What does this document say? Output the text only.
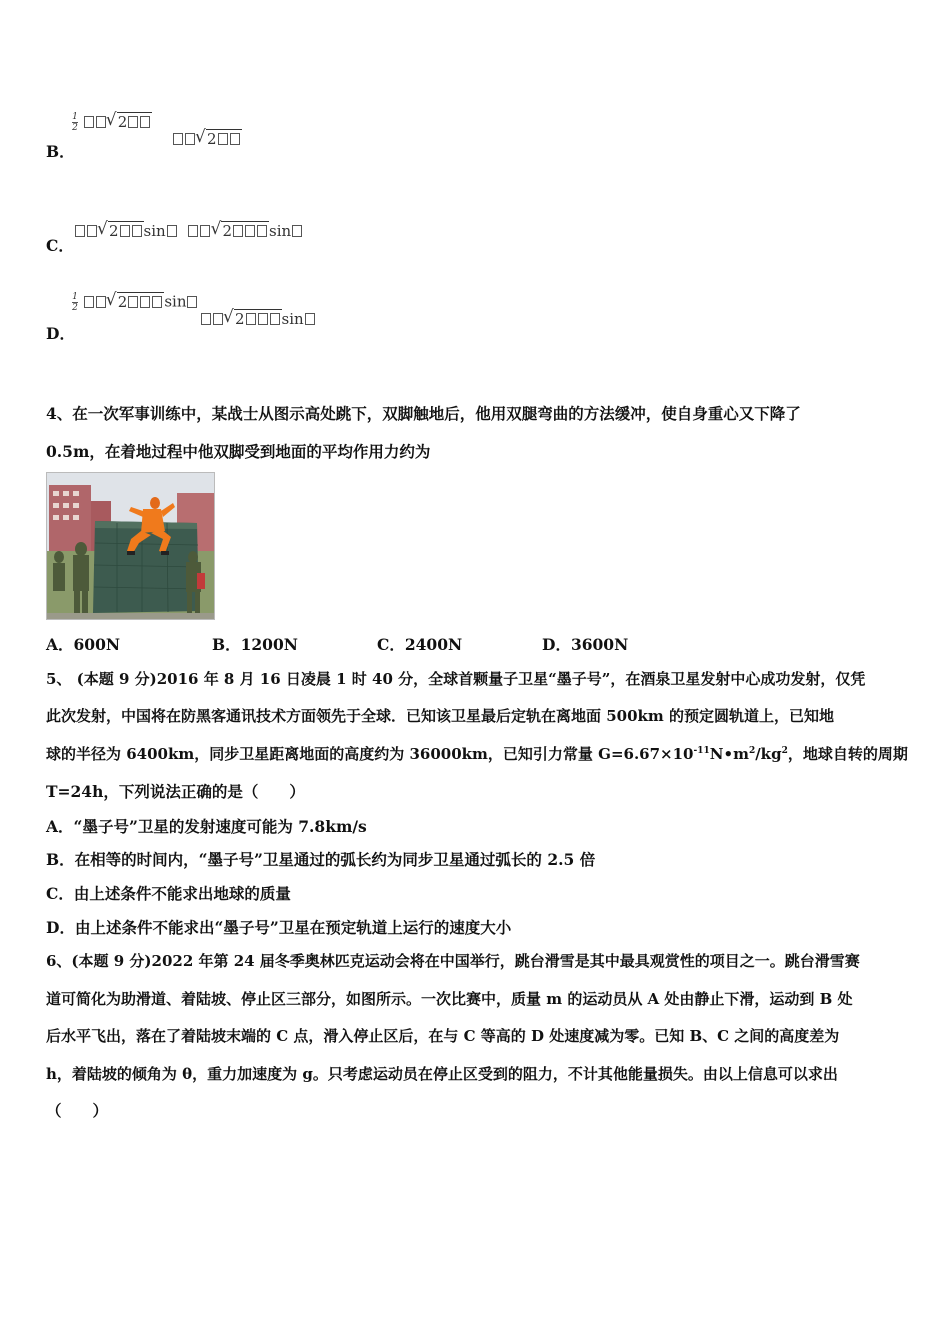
B．
$\frac{1}{2}$	√ 2
√ 2
C．
√ 2 sin	√ 2 sin
D．
$\frac{1}{2}$	√ 2 sin
√ 2 sin
4、在一次军事训练中，某战士从图示高处跳下，双脚触地后，他用双腿弯曲的方法缓冲，使自身重心又下降了
0.5m，在着地过程中他双脚受到地面的平均作用力约为
A．600N	B．1200N	C．2400N	D．3600N
5、 (本题 9 分)2016 年 8 月 16 日凌晨 1 时 40 分，全球首颗量子卫星“墨子号”，在酒泉卫星发射中心成功发射，仅凭
此次发射，中国将在防黑客通讯技术方面领先于全球．已知该卫星最后定轨在离地面 500km 的预定圆轨道上，已知地
球的半径为 6400km，同步卫星距离地面的高度约为 36000km，已知引力常量 $G=6.67\times 10^{-11}N•m^2/kg^2$，地球自转的周期
T=24h，下列说法正确的是（　　）
A．“墨子号”卫星的发射速度可能为 7.8km/s
B．在相等的时间内，“墨子号”卫星通过的弧长约为同步卫星通过弧长的 2.5 倍
C．由上述条件不能求出地球的质量
D．由上述条件不能求出“墨子号”卫星在预定轨道上运行的速度大小
6、(本题 9 分)2022 年第 24 届冬季奥林匹克运动会将在中国举行，跳台滑雪是其中最具观赏性的项目之一。跳台滑雪赛
道可简化为助滑道、着陆坡、停止区三部分，如图所示。一次比赛中，质量 m 的运动员从 A 处由静止下滑，运动到 B 处
后水平飞出，落在了着陆坡末端的 C 点，滑入停止区后，在与 C 等高的 D 处速度减为零。已知 B、C 之间的高度差为
h，着陆坡的倾角为 θ，重力加速度为 g。只考虑运动员在停止区受到的阻力，不计其他能量损失。由以上信息可以求出
（　　）
